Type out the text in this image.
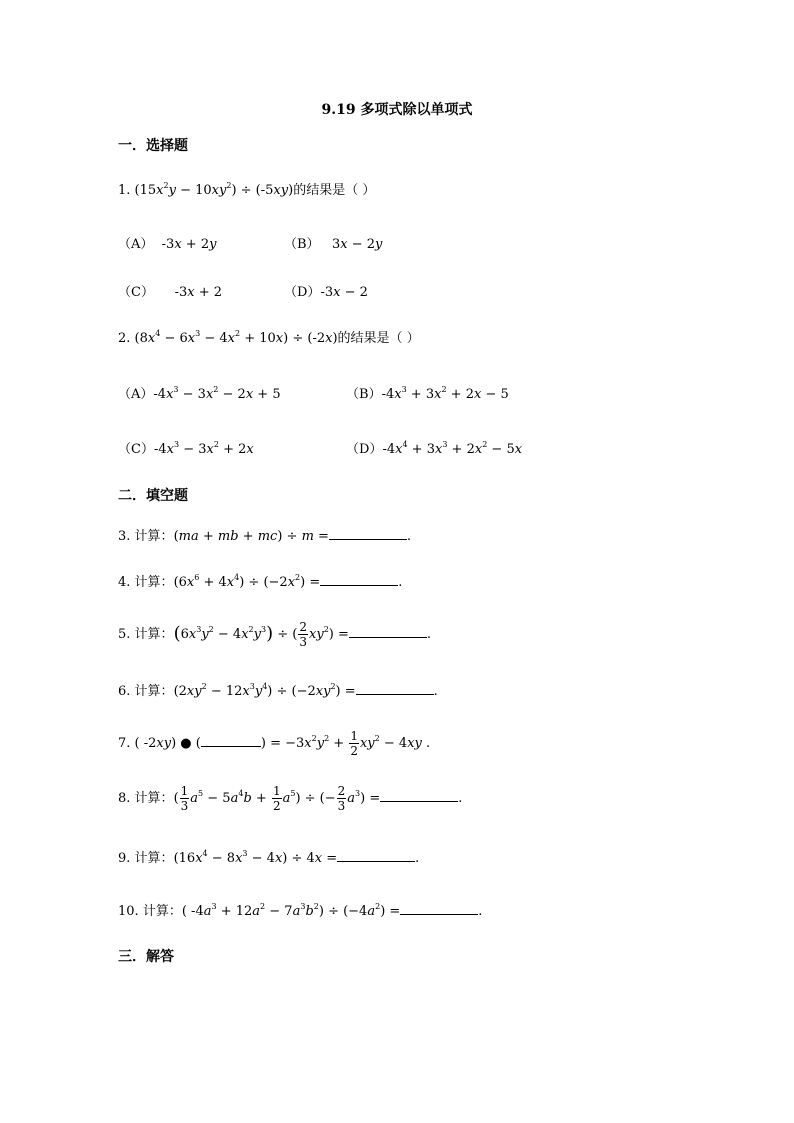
9.19 多项式除以单项式
一．选择题
1. $(15x^2y - 10xy^2) \div (-5xy)$的结果是（ ）
（A）  -3x + 2y	（B）   3x − 2y
（C）     -3x + 2	（D）-3x − 2
2. $(8x^4 - 6x^3 - 4x^2 + 10x) \div (-2x)$的结果是（ ）
$(A)-4x^3 - 3x^2 - 2x + 5$	$(B)-4x^3 + 3x^2 + 2x - 5$
$(C)-4x^3 - 3x^2 + 2x$	$(D)-4x^4 + 3x^3 + 2x^2 - 5x$
二．填空题
3. 计算：(ma + mb + mc) ÷ m =	.
4. 计算：$(6x^6 + 4x^4) \div (-2x^2)$ =	.
5. 计算：$(6x^3y^2 - 4x^2y^3)$ ÷ ( $\frac{2}{3} xy^2$) =	.
6. 计算：$(2xy^2 - 12x^3y^4) \div (-2xy^2)$ =	.
7. ( -2xy) ● (	) = $-3x^2y^2 + \frac{1}{2} xy^2 - 4xy$ .
8. 计算：( $\frac{1}{3} a^5 - 5a^4b + \frac{1}{2} a^5$) ÷ (− $\frac{2}{3} a^3$) =	.
9. 计算：$(16x^4 - 8x^3 - 4x) \div 4x$ =	.
10. 计算：( $-4a^3 + 12a^2 - 7a^3b^2) \div (-4a^2)$ =	.
三．解答
